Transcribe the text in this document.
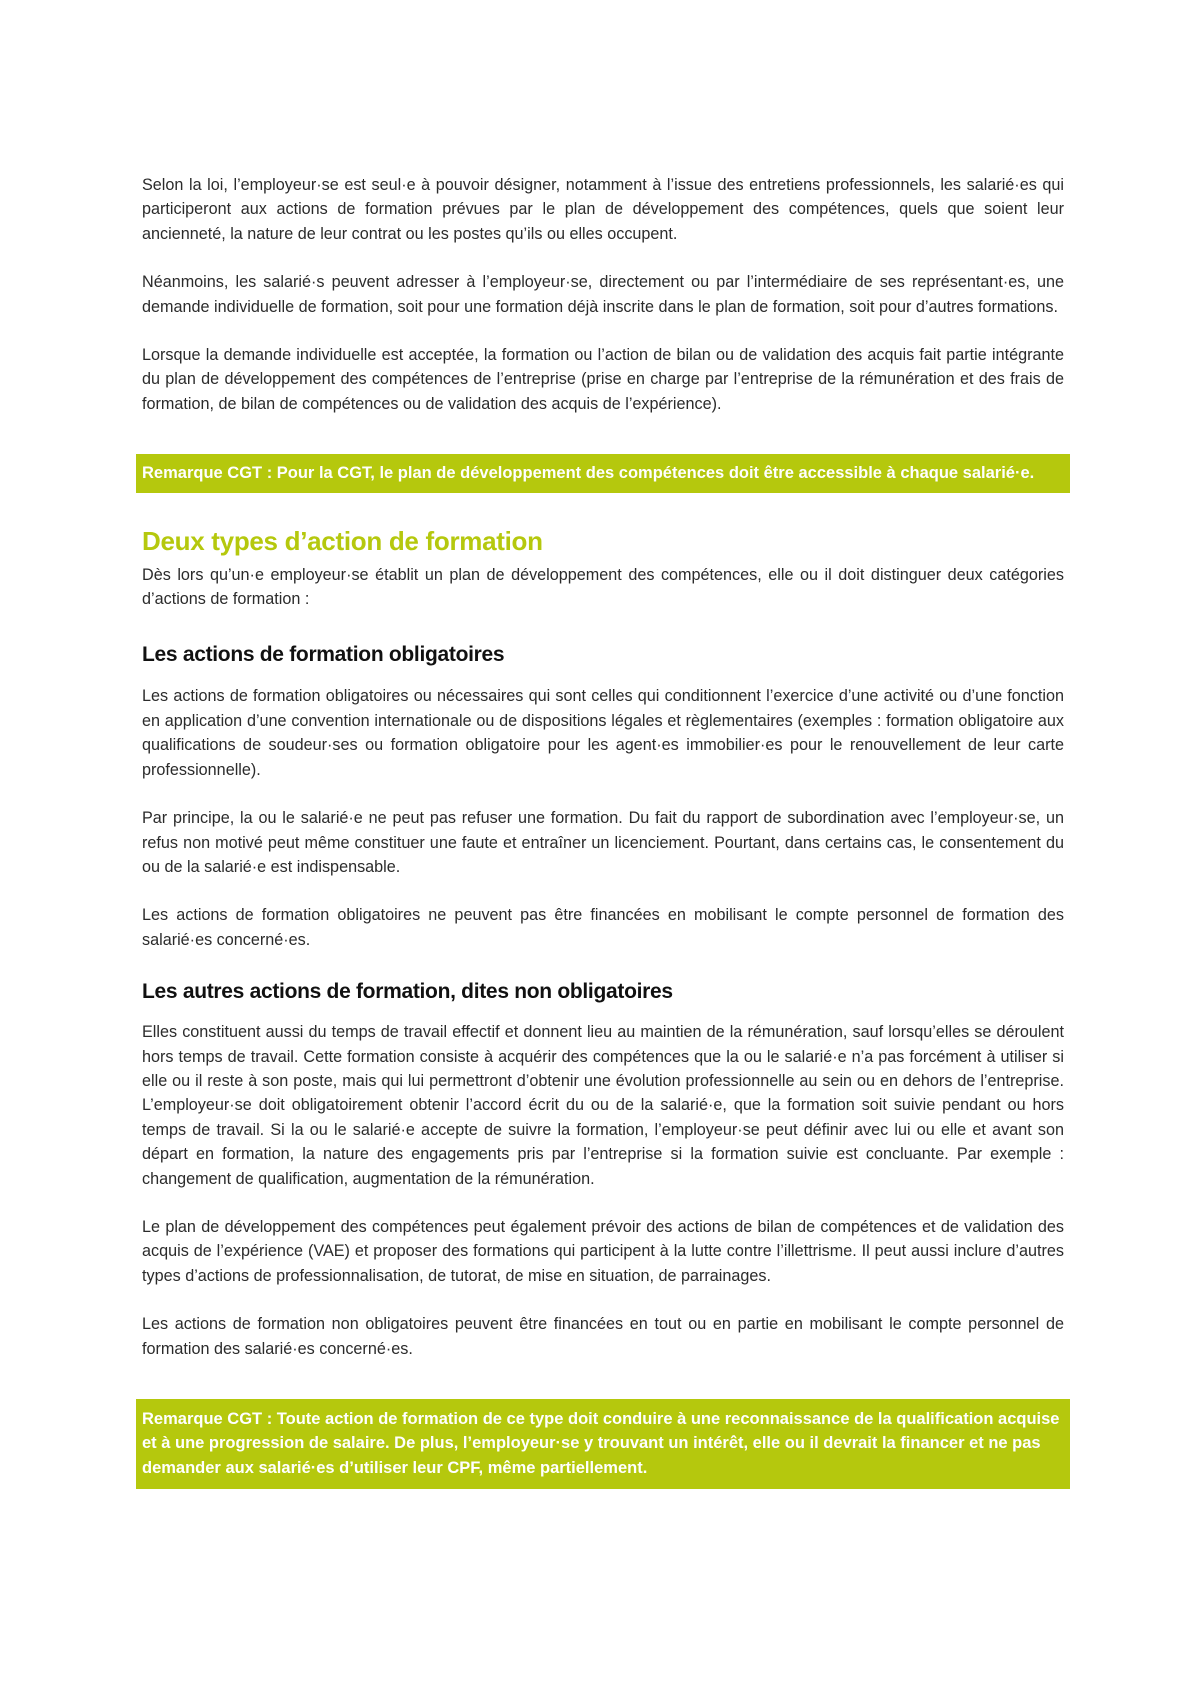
Selon la loi, l’employeur·se est seul·e à pouvoir désigner, notamment à l’issue des entretiens professionnels, les salarié·es qui participeront aux actions de formation prévues par le plan de développement des compétences, quels que soient leur ancienneté, la nature de leur contrat ou les postes qu’ils ou elles occupent.

Néanmoins, les salarié·s peuvent adresser à l’employeur·se, directement ou par l’intermédiaire de ses représentant·es, une demande individuelle de formation, soit pour une formation déjà inscrite dans le plan de formation, soit pour d’autres formations.

Lorsque la demande individuelle est acceptée, la formation ou l’action de bilan ou de validation des acquis fait partie intégrante du plan de développement des compétences de l’entreprise (prise en charge par l’entreprise de la rémunération et des frais de formation, de bilan de compétences ou de validation des acquis de l’expérience).

Remarque CGT : Pour la CGT, le plan de développement des compétences doit être accessible à chaque salarié·e.
Deux types d’action de formation

Dès lors qu’un·e employeur·se établit un plan de développement des compétences, elle ou il doit distinguer deux catégories d’actions de formation :

Les actions de formation obligatoires

Les actions de formation obligatoires ou nécessaires qui sont celles qui conditionnent l’exercice d’une activité ou d’une fonction en application d’une convention internationale ou de dispositions légales et règlementaires (exemples : formation obligatoire aux qualifications de soudeur·ses ou formation obligatoire pour les agent·es immobilier·es pour le renouvellement de leur carte professionnelle).

Par principe, la ou le salarié·e ne peut pas refuser une formation. Du fait du rapport de subordination avec l’employeur·se, un refus non motivé peut même constituer une faute et entraîner un licenciement. Pourtant, dans certains cas, le consentement du ou de la salarié·e est indispensable.

Les actions de formation obligatoires ne peuvent pas être financées en mobilisant le compte personnel de formation des salarié·es concerné·es.

Les autres actions de formation, dites non obligatoires

Elles constituent aussi du temps de travail effectif et donnent lieu au maintien de la rémunération, sauf lorsqu’elles se déroulent hors temps de travail. Cette formation consiste à acquérir des compétences que la ou le salarié·e n’a pas forcément à utiliser si elle ou il reste à son poste, mais qui lui permettront d’obtenir une évolution professionnelle au sein ou en dehors de l’entreprise. L’employeur·se doit obligatoirement obtenir l’accord écrit du ou de la salarié·e, que la formation soit suivie pendant ou hors temps de travail. Si la ou le salarié·e accepte de suivre la formation, l’employeur·se peut définir avec lui ou elle et avant son départ en formation, la nature des engagements pris par l’entreprise si la formation suivie est concluante. Par exemple : changement de qualification, augmentation de la rémunération.

Le plan de développement des compétences peut également prévoir des actions de bilan de compétences et de validation des acquis de l’expérience (VAE) et proposer des formations qui participent à la lutte contre l’illettrisme. Il peut aussi inclure d’autres types d’actions de professionnalisation, de tutorat, de mise en situation, de parrainages.

Les actions de formation non obligatoires peuvent être financées en tout ou en partie en mobilisant le compte personnel de formation des salarié·es concerné·es.

Remarque CGT : Toute action de formation de ce type doit conduire à une reconnaissance de la qualification acquise et à une progression de salaire. De plus, l’employeur·se y trouvant un intérêt, elle ou il devrait la financer et ne pas demander aux salarié·es d’utiliser leur CPF, même partiellement.
